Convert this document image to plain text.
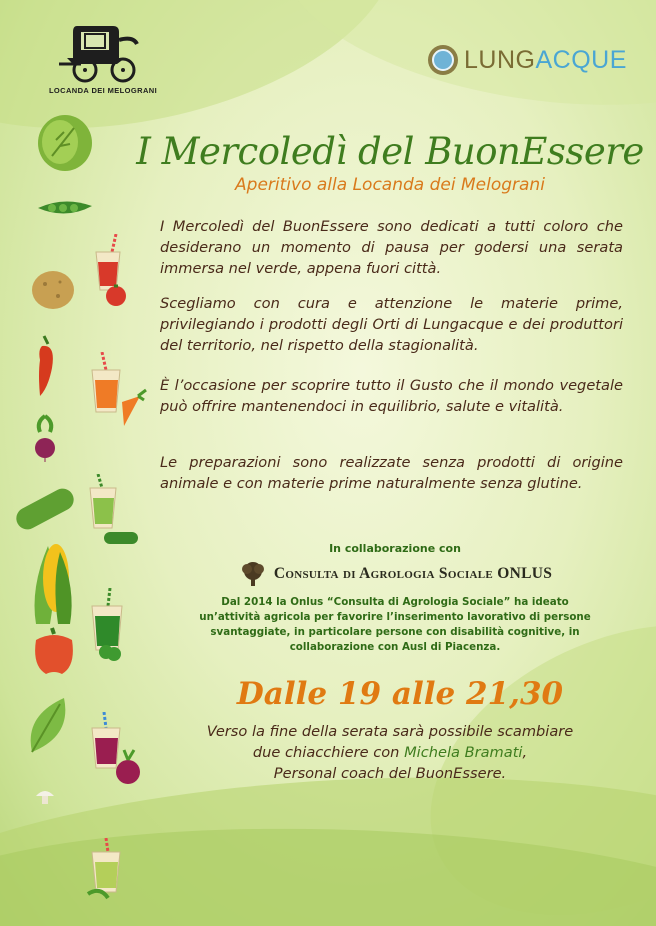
LOCANDA DEI MELOGRANI
LUNGACQUE
I Mercoledì del BuonEssere
Aperitivo alla Locanda dei Melograni

I Mercoledì del BuonEssere sono dedicati a tutti coloro che desiderano un momento di pausa per godersi una serata immersa nel verde, appena fuori città.

Scegliamo con cura e attenzione le materie prime, privilegiando i prodotti degli Orti di Lungacque e dei produttori del territorio, nel rispetto della stagionalità.

È l’occasione per scoprire tutto il Gusto che il mondo vegetale può offrire mantenendoci in equilibrio, salute e vitalità.

Le preparazioni sono realizzate senza prodotti di origine animale e con materie prime naturalmente senza glutine.

In collaborazione con
Consulta di Agrologia Sociale ONLUS
Dal 2014 la Onlus “Consulta di Agrologia Sociale” ha ideato un’attività agricola per favorire l’inserimento lavorativo di persone svantaggiate, in particolare persone con disabilità cognitive, in collaborazione con Ausl di Piacenza.
Dalle 19 alle 21,30
Verso la fine della serata sarà possibile scambiare
due chiacchiere con Michela Bramati,
Personal coach del BuonEssere.
